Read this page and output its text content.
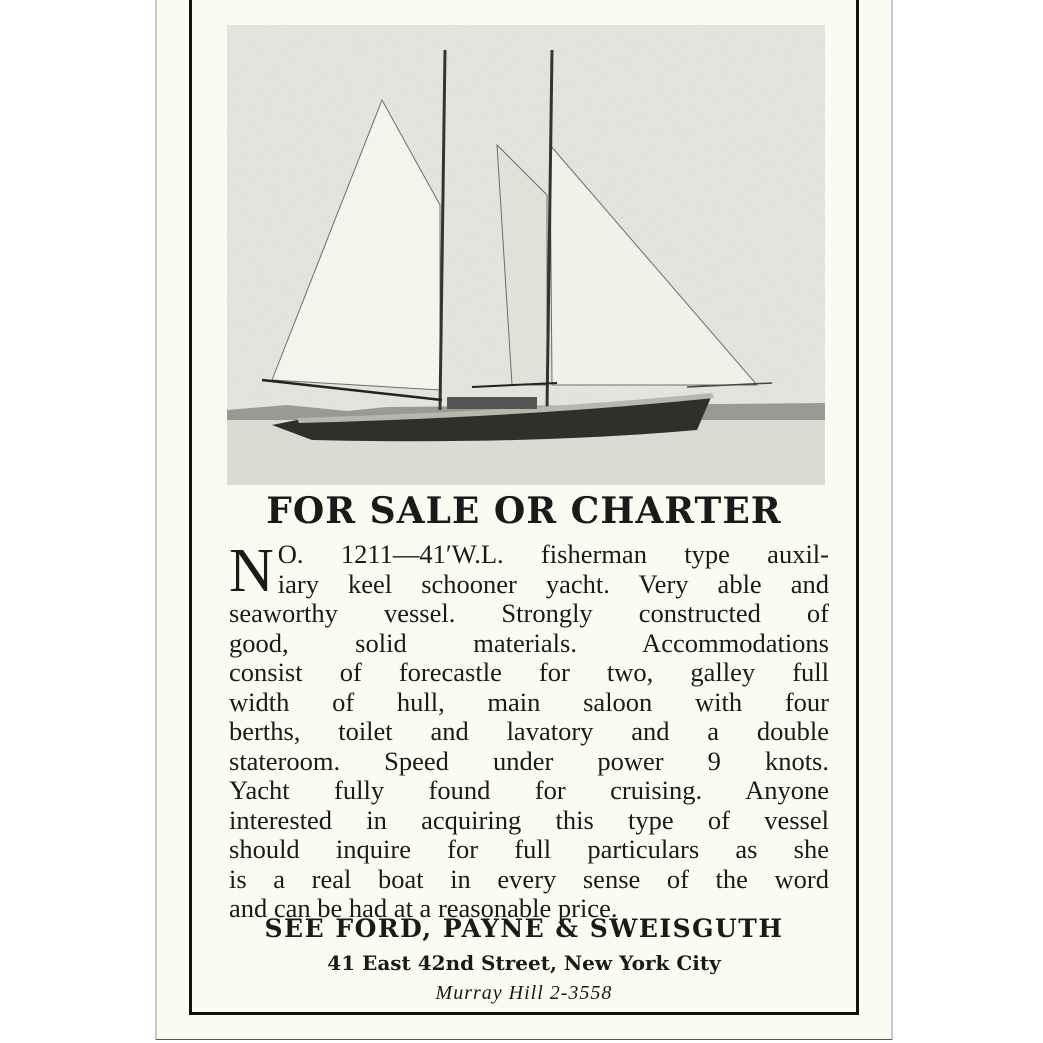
FOR SALE OR CHARTER
N O. 1211—41′W.L. fisherman type auxil-
iary keel schooner yacht. Very able and
seaworthy vessel. Strongly constructed of
good, solid materials. Accommodations
consist of forecastle for two, galley full
width of hull, main saloon with four
berths, toilet and lavatory and a double
stateroom. Speed under power 9 knots.
Yacht fully found for cruising. Anyone
interested in acquiring this type of vessel
should inquire for full particulars as she
is a real boat in every sense of the word
and can be had at a reasonable price.
SEE FORD, PAYNE & SWEISGUTH
41 East 42nd Street, New York City
Murray Hill 2-3558
